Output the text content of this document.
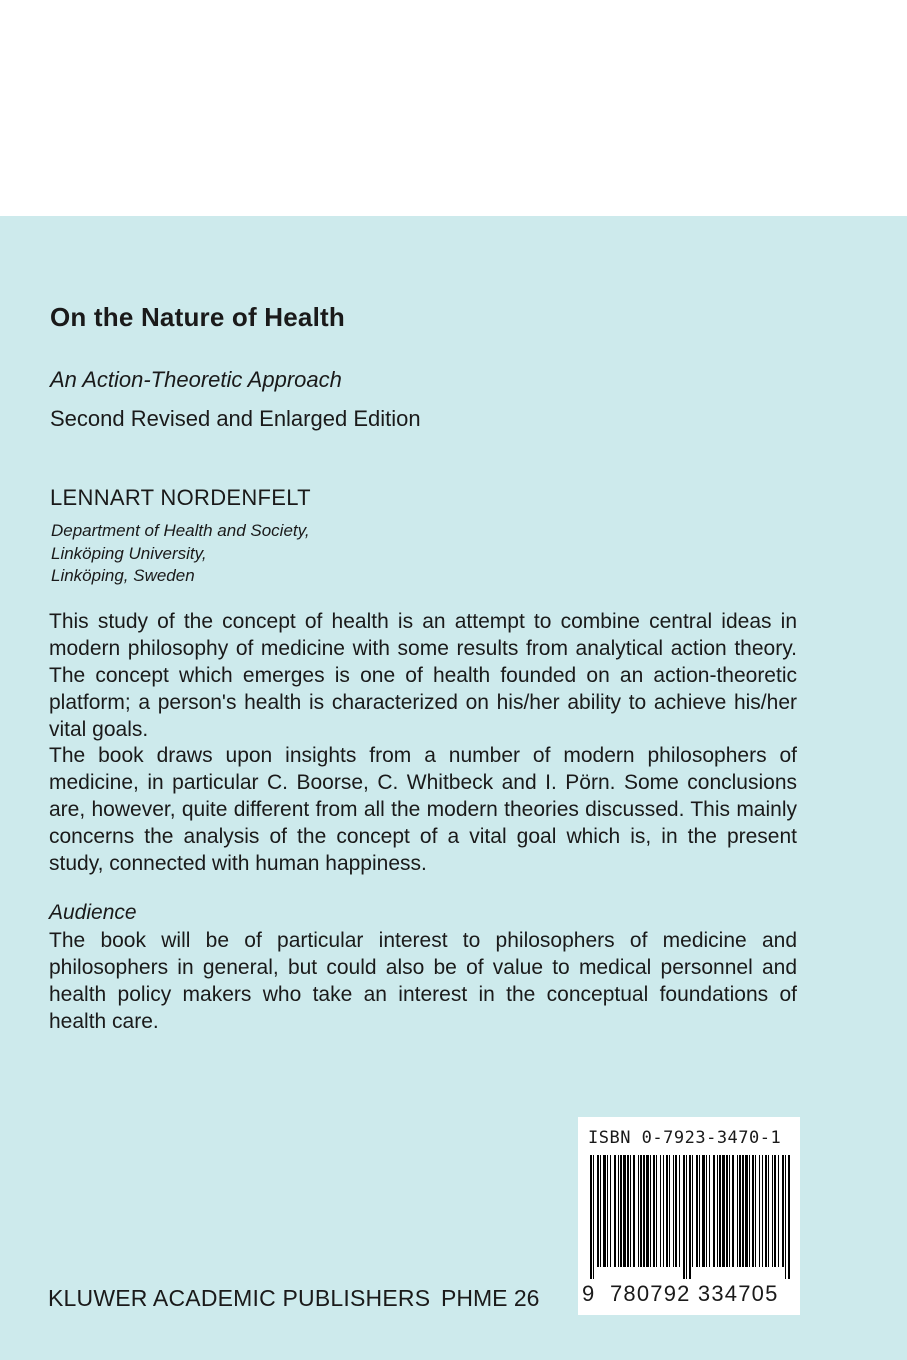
On the Nature of Health

An Action-Theoretic Approach

Second Revised and Enlarged Edition

LENNART NORDENFELT

Department of Health and Society,

Linköping University,

Linköping, Sweden

This study of the concept of health is an attempt to combine central ideas in modern philosophy of medicine with some results from analytical action theory. The concept which emerges is one of health founded on an action-theoretic platform; a person's health is characterized on his/her ability to achieve his/her vital goals.

The book draws upon insights from a number of modern philosophers of medicine, in particular C. Boorse, C. Whitbeck and I. Pörn. Some conclusions are, however, quite different from all the modern theories discussed. This mainly concerns the analysis of the concept of a vital goal which is, in the present study, connected with human happiness.

Audience

The book will be of particular interest to philosophers of medicine and philosophers in general, but could also be of value to medical personnel and health policy makers who take an interest in the conceptual foundations of health care.

KLUWER ACADEMIC PUBLISHERS PHME 26

ISBN 0-7923-3470-1
9 780792 334705
